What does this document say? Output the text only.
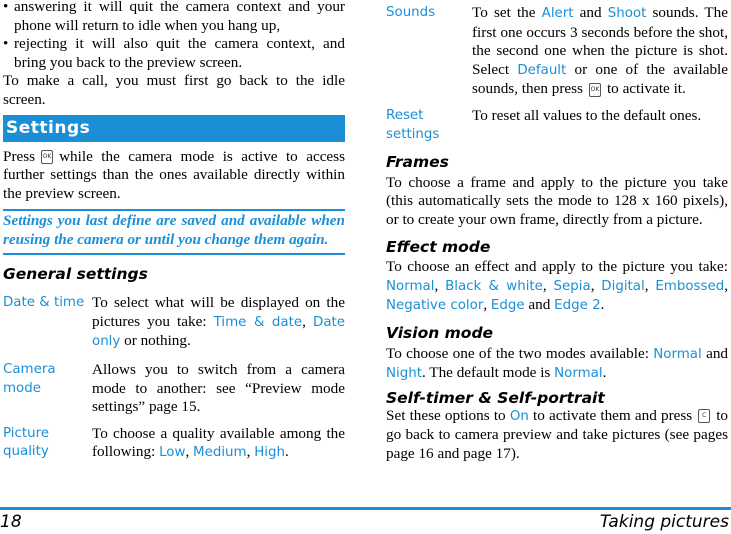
• answering it will quit the camera context and your phone will return to idle when you hang up,

• rejecting it will also quit the camera context, and bring you back to the preview screen.

To make a call, you must first go back to the idle screen.

Settings

Press OK while the camera mode is active to access further settings than the ones available directly within the preview screen.

Settings you last define are saved and available when reusing the camera or until you change them again.

General settings

Date & time To select what will be displayed on the pictures you take: Time & date, Date only or nothing.
Camera mode
Allows you to switch from a camera mode to another: see “Preview mode settings” page 15.
Picture quality
To choose a quality available among the following: Low, Medium, High.
Sounds	To set the Alert and Shoot sounds. The first one occurs 3 seconds before the shot, the second one when the picture is shot. Select Default or one of the available sounds, then press OK to activate it.
Reset settings
To reset all values to the default ones.

Frames

To choose a frame and apply to the picture you take (this automatically sets the mode to 128 x 160 pixels), or to create your own frame, directly from a picture.

Effect mode

To choose an effect and apply to the picture you take: Normal, Black & white, Sepia, Digital, Embossed, Negative color, Edge and Edge 2.

Vision mode

To choose one of the two modes available: Normal and Night. The default mode is Normal.

Self-timer & Self-portrait

Set these options to On to activate them and press C to go back to camera preview and take pictures (see pages page 16 and page 17).

18	Taking pictures
